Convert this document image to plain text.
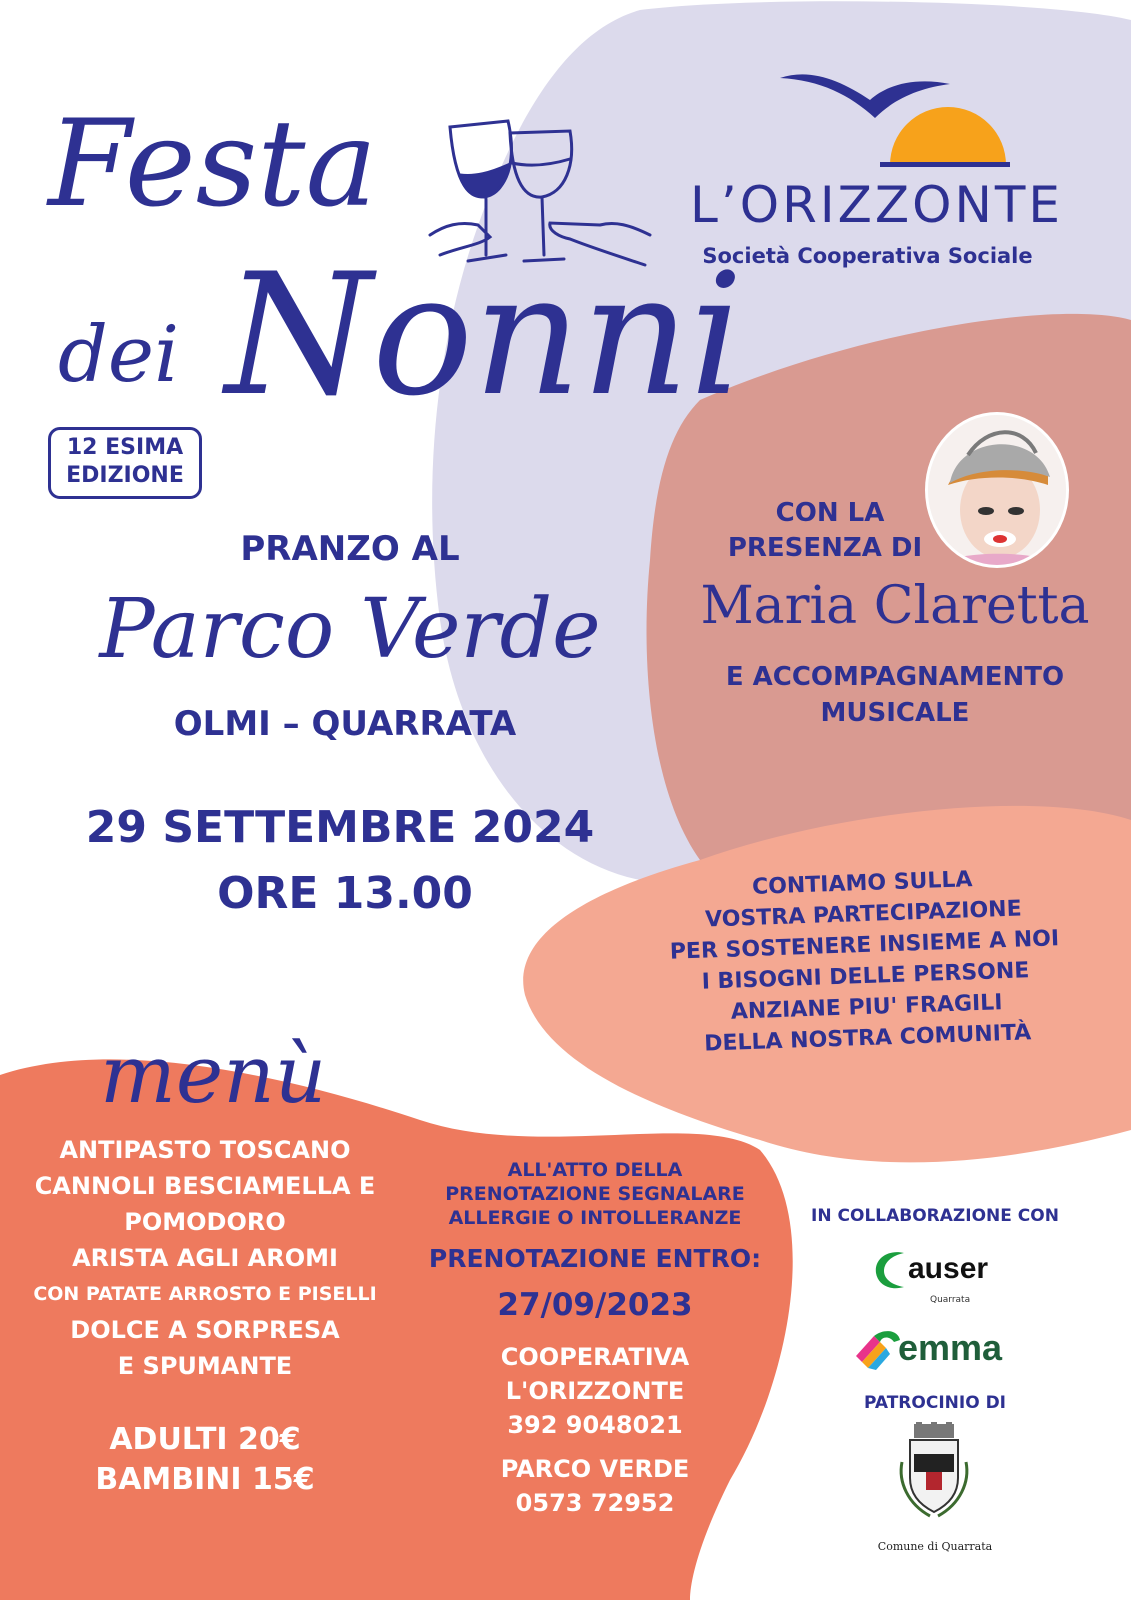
Festa
dei Nonni
12 ESIMA
EDIZIONE
L’ORIZZONTE
Società Cooperativa Sociale
PRANZO AL
Parco Verde
OLMI – QUARRATA
29 SETTEMBRE 2024
ORE 13.00
CON LA
PRESENZA DI
Maria Claretta
E ACCOMPAGNAMENTO
MUSICALE
CONTIAMO SULLA
VOSTRA PARTECIPAZIONE
PER SOSTENERE INSIEME A NOI
I BISOGNI DELLE PERSONE
ANZIANE PIU' FRAGILI
DELLA NOSTRA COMUNITÀ
menù
ANTIPASTO TOSCANO
CANNOLI BESCIAMELLA E
POMODORO
ARISTA AGLI AROMI
CON PATATE ARROSTO E PISELLI
DOLCE A SORPRESA
E SPUMANTE
ADULTI 20€
BAMBINI 15€
ALL'ATTO DELLA
PRENOTAZIONE SEGNALARE
ALLERGIE O INTOLLERANZE
PRENOTAZIONE ENTRO:
27/09/2023
COOPERATIVA
L'ORIZZONTE
392 9048021
PARCO VERDE
0573 72952
IN COLLABORAZIONE CON
auser
Quarrata
emma
PATROCINIO DI
Comune di Quarrata
